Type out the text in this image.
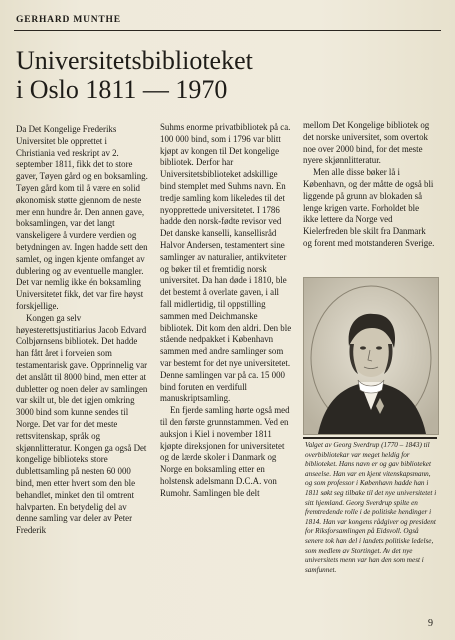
GERHARD MUNTHE
Universitetsbiblioteket
i Oslo 1811 — 1970

Da Det Kongelige Frederiks Universitet ble opprettet i Christiania ved reskript av 2. september 1811, fikk det to store gaver, Tøyen gård og en boksamling. Tøyen gård kom til å være en solid økonomisk støtte gjennom de neste mer enn hundre år. Den annen gave, boksamlingen, var det langt vanskeligere å vurdere verdien og betydningen av. Ingen hadde sett den samlet, og ingen kjente omfanget av dublering og av eventuelle mangler. Det var nemlig ikke én boksamling Universitetet fikk, det var fire høyst forskjellige.

Kongen ga selv høyesterettsjustitiarius Jacob Edvard Colbjørnsens bibliotek. Det hadde han fått året i forveien som testamentarisk gave. Opprinnelig var det anslått til 8000 bind, men etter at dubletter og noen deler av samlingen var skilt ut, ble det igjen omkring 3000 bind som kunne sendes til Norge. Det var for det meste rettsvitenskap, språk og skjønnlitteratur. Kongen ga også Det kongelige biblioteks store dublettsamling på nesten 60 000 bind, men etter hvert som den ble behandlet, minket den til omtrent halvparten. En betydelig del av denne samling var deler av Peter Frederik

Suhms enorme privatbibliotek på ca. 100 000 bind, som i 1796 var blitt kjøpt av kongen til Det kongelige bibliotek. Derfor har Universitetsbiblioteket adskillige bind stemplet med Suhms navn. En tredje samling kom likeledes til det nyopprettede universitetet. I 1786 hadde den norsk-fødte revisor ved Det danske kanselli, kansellisråd Halvor Andersen, testamentert sine samlinger av naturalier, antikviteter og bøker til et fremtidig norsk universitet. Da han døde i 1810, ble det bestemt å overlate gaven, i all fall midlertidig, til oppstilling sammen med Deichmanske bibliotek. Dit kom den aldri. Den ble stående nedpakket i København sammen med andre samlinger som var bestemt for det nye universitetet. Denne samlingen var på ca. 15 000 bind foruten en verdifull manuskriptsamling.

En fjerde samling hørte også med til den første grunnstammen. Ved en auksjon i Kiel i november 1811 kjøpte direksjonen for universitetet og de lærde skoler i Danmark og Norge en boksamling etter en holstensk adelsmann D.C.A. von Rumohr. Samlingen ble delt

mellom Det Kongelige bibliotek og det norske universitet, som overtok noe over 2000 bind, for det meste nyere skjønnlitteratur.

Men alle disse bøker lå i København, og der måtte de også bli liggende på grunn av blokaden så lenge krigen varte. Forholdet ble ikke lettere da Norge ved Kielerfreden ble skilt fra Danmark og forent med motstanderen Sverige.

Valget av Georg Sverdrup (1770 – 1843) til overbibliotekar var meget heldig for biblioteket. Hans navn er og gav biblioteket anseelse. Han var en kjent vitenskapsmann, og som professor i København hadde han i 1811 søkt seg tilbake til det nye universitetet i sitt hjemland. Georg Sverdrup spilte en fremtredende rolle i de politiske hendinger i 1814. Han var kongens rådgiver og president for Riksforsamlingen på Eidsvoll. Også senere tok han del i landets politiske ledelse, som medlem av Stortinget. Av det nye universitets menn var han den som mest i samfunnet.
9
